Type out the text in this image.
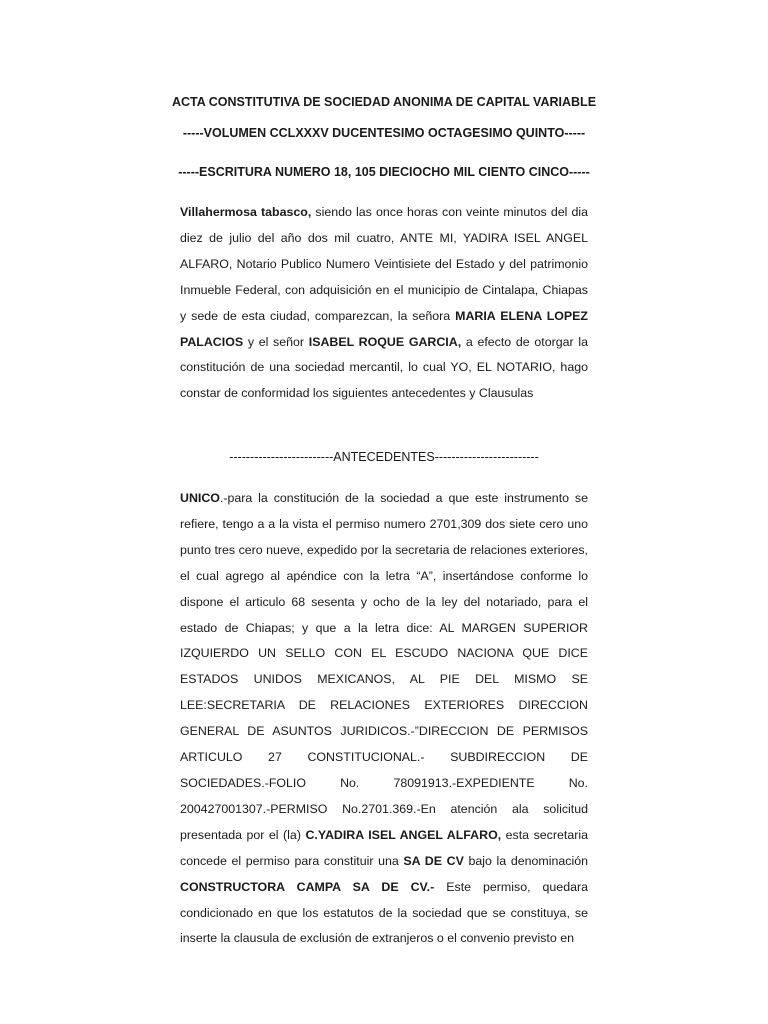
ACTA CONSTITUTIVA DE SOCIEDAD ANONIMA DE CAPITAL VARIABLE

-----VOLUMEN CCLXXXV DUCENTESIMO OCTAGESIMO QUINTO-----

-----ESCRITURA NUMERO 18, 105 DIECIOCHO MIL CIENTO CINCO-----

Villahermosa tabasco, siendo las once horas con veinte minutos del dia diez de julio del año dos mil cuatro, ANTE MI, YADIRA ISEL ANGEL ALFARO, Notario Publico Numero Veintisiete del Estado y del patrimonio Inmueble Federal, con adquisición en el municipio de Cintalapa, Chiapas y sede de esta ciudad, comparezcan, la señora MARIA ELENA LOPEZ PALACIOS y el señor ISABEL ROQUE GARCIA, a efecto de otorgar la constitución de una sociedad mercantil, lo cual YO, EL NOTARIO, hago constar de conformidad los siguientes antecedentes y Clausulas

-------------------------ANTECEDENTES-------------------------

UNICO.-para la constitución de la sociedad a que este instrumento se refiere, tengo a a la vista el permiso numero 2701,309 dos siete cero uno punto tres cero nueve, expedido por la secretaria de relaciones exteriores, el cual agrego al apéndice con la letra “A”, insertándose conforme lo dispone el articulo 68 sesenta y ocho de la ley del notariado, para el estado de Chiapas; y que a la letra dice: AL MARGEN SUPERIOR IZQUIERDO UN SELLO CON EL ESCUDO NACIONA QUE DICE ESTADOS UNIDOS MEXICANOS, AL PIE DEL MISMO SE LEE:SECRETARIA DE RELACIONES EXTERIORES DIRECCION GENERAL DE ASUNTOS JURIDICOS.-”DIRECCION DE PERMISOS ARTICULO 27 CONSTITUCIONAL.- SUBDIRECCION DE SOCIEDADES.-FOLIO No. 78091913.-EXPEDIENTE No. 200427001307.-PERMISO No.2701.369.-En atención ala solicitud presentada por el (la) C.YADIRA ISEL ANGEL ALFARO, esta secretaria concede el permiso para constituir una SA DE CV bajo la denominación CONSTRUCTORA CAMPA SA DE CV.- Este permiso, quedara condicionado en que los estatutos de la sociedad que se constituya, se inserte la clausula de exclusión de extranjeros o el convenio previsto en
